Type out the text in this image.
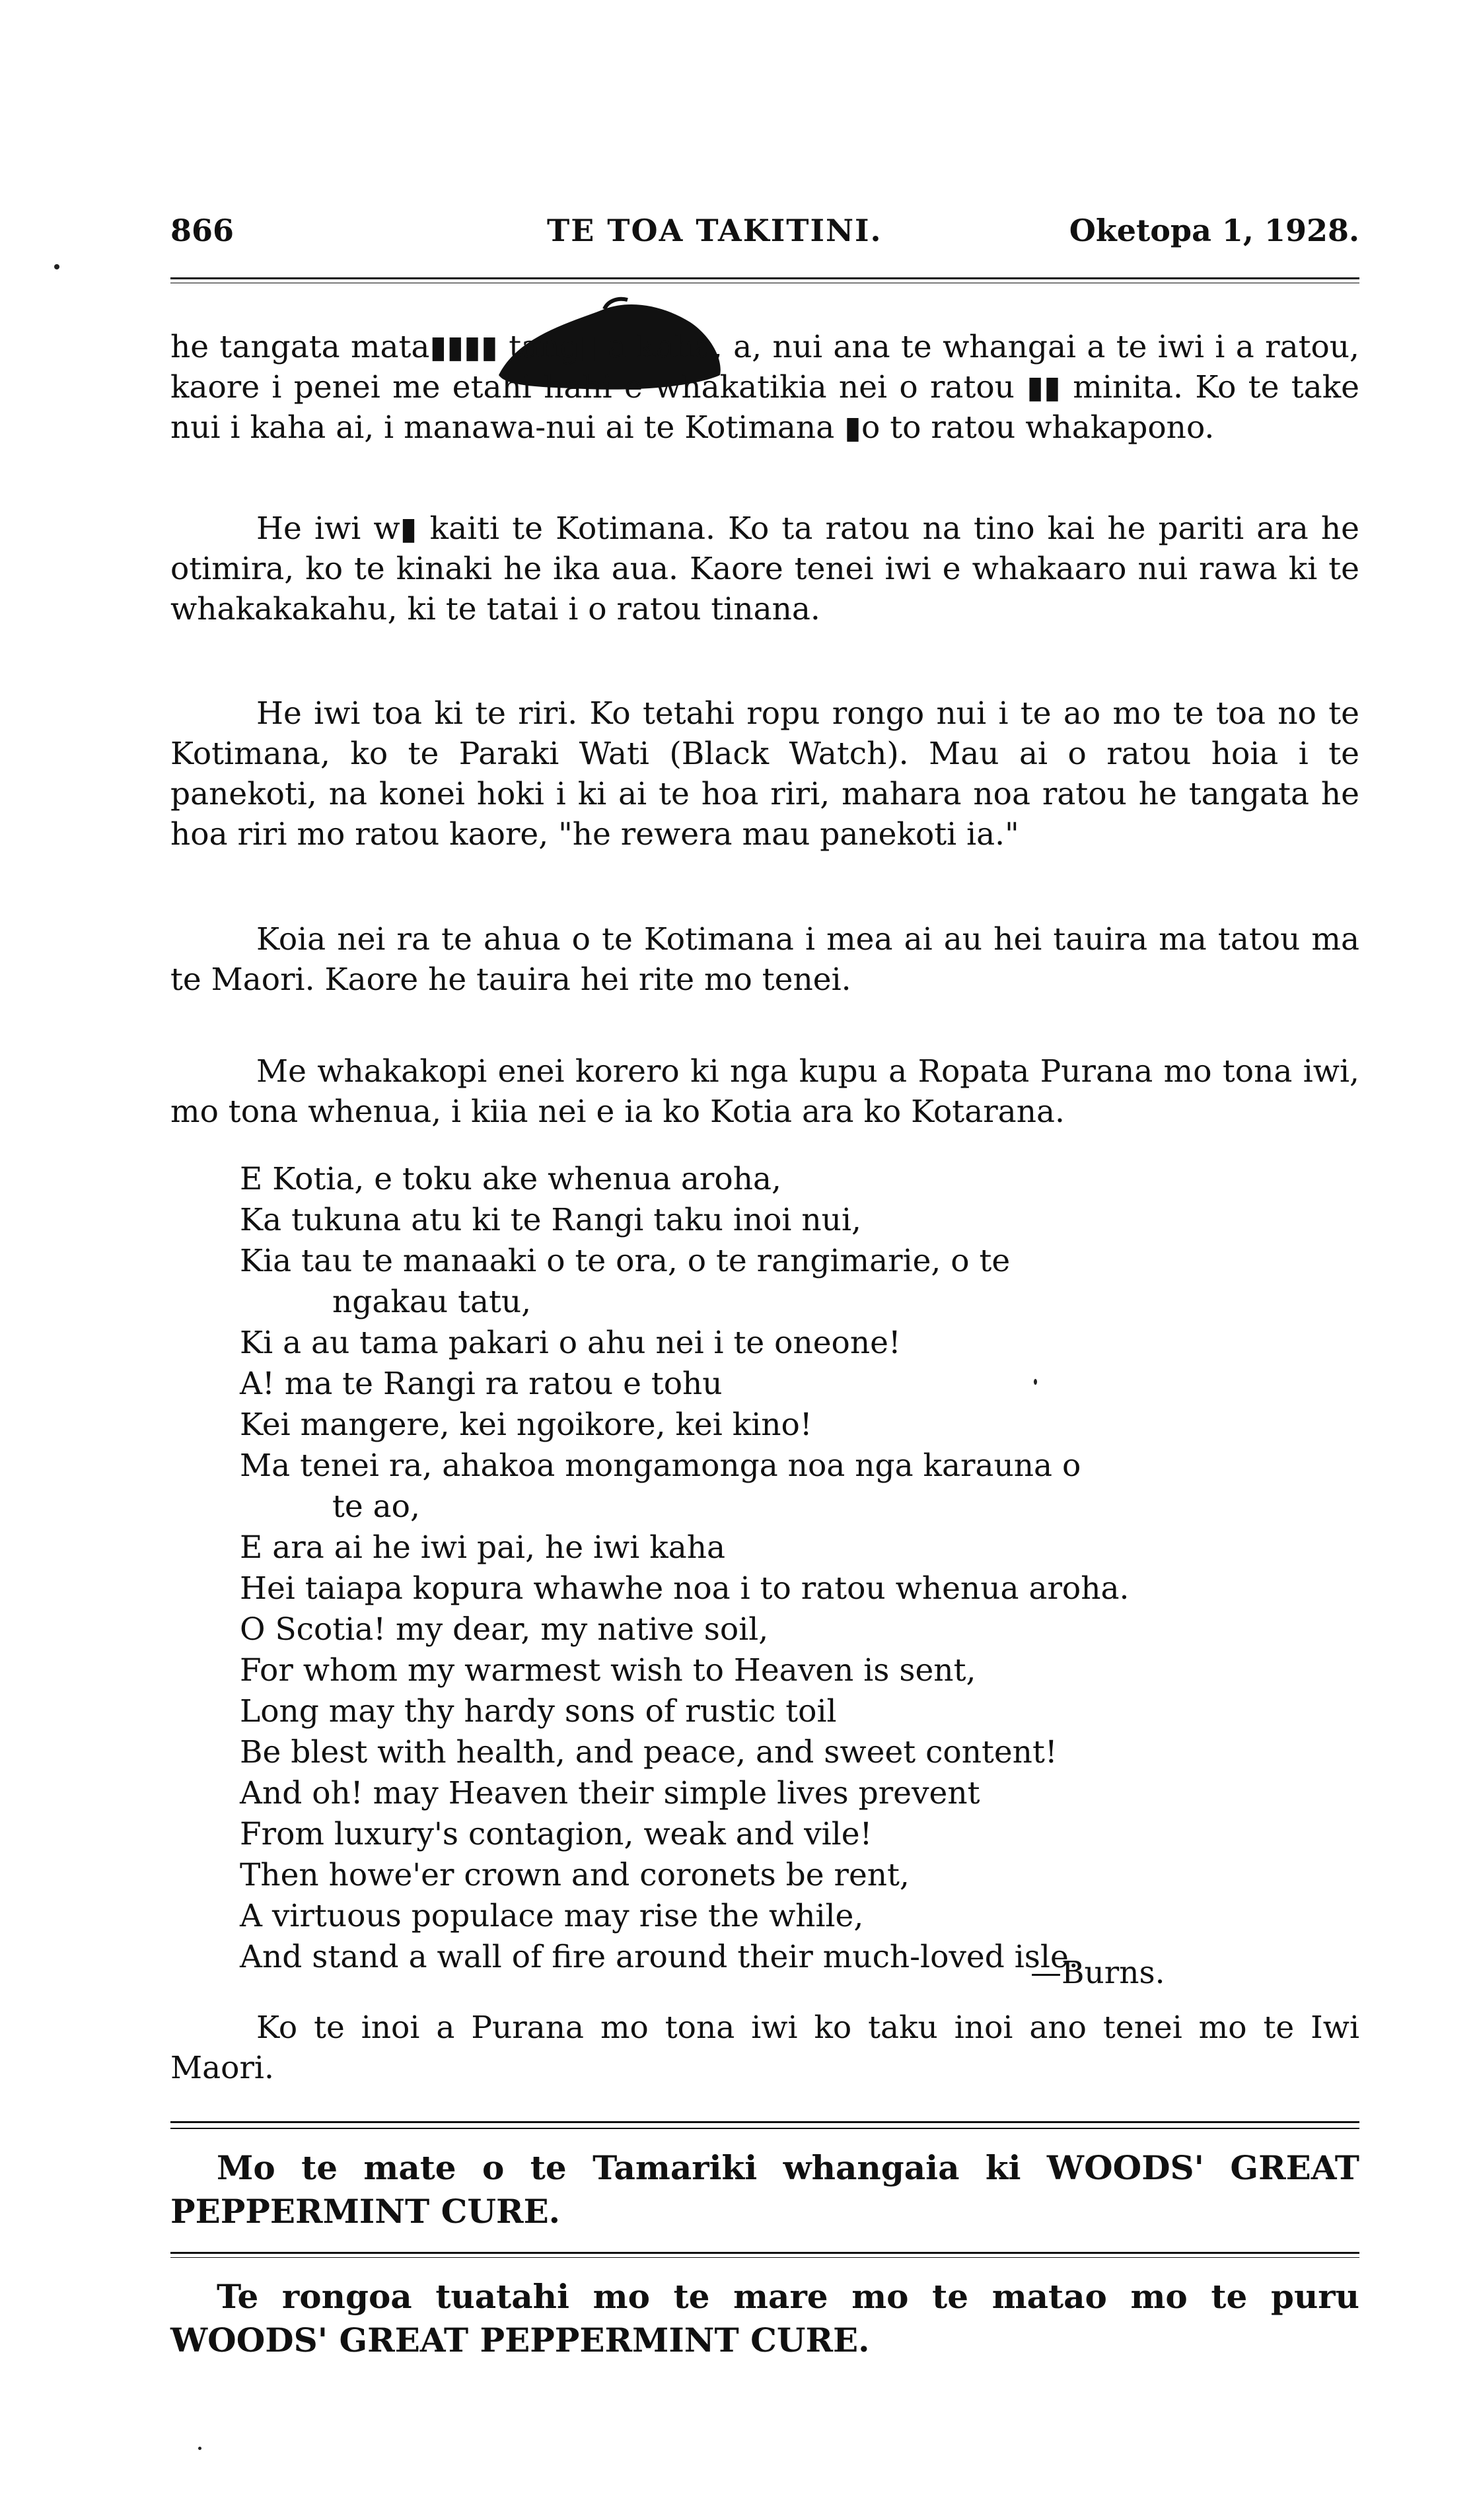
866	TE TOA TAKITINI.	Oketopa 1, 1928.

he tangata mata▮▮▮▮ tang▮ a kaha, a, nui ana te whangai a te iwi i a ratou, kaore i penei me etahi hahi e whakatikia nei o ratou ▮▮ minita. Ko te take nui i kaha ai, i manawa-nui ai te Kotimana ▮o to ratou whakapono.

He iwi w▮ kaiti te Kotimana. Ko ta ratou na tino kai he pariti ara he otimira, ko te kinaki he ika aua. Kaore tenei iwi e whakaaro nui rawa ki te whakakakahu, ki te tatai i o ratou tinana.

He iwi toa ki te riri. Ko tetahi ropu rongo nui i te ao mo te toa no te Kotimana, ko te Paraki Wati (Black Watch). Mau ai o ratou hoia i te panekoti, na konei hoki i ki ai te hoa riri, mahara noa ratou he tangata he hoa riri mo ratou kaore, "he rewera mau panekoti ia."

Koia nei ra te ahua o te Kotimana i mea ai au hei tauira ma tatou ma te Maori. Kaore he tauira hei rite mo tenei.

Me whakakopi enei korero ki nga kupu a Ropata Purana mo tona iwi, mo tona whenua, i kiia nei e ia ko Kotia ara ko Kotarana.

E Kotia, e toku ake whenua aroha,

Ka tukuna atu ki te Rangi taku inoi nui,

Kia tau te manaaki o te ora, o te rangimarie, o te

ngakau tatu,

Ki a au tama pakari o ahu nei i te oneone!

A! ma te Rangi ra ratou e tohu

Kei mangere, kei ngoikore, kei kino!

Ma tenei ra, ahakoa mongamonga noa nga karauna o

te ao,

E ara ai he iwi pai, he iwi kaha

Hei taiapa kopura whawhe noa i to ratou whenua aroha.

O Scotia! my dear, my native soil,

For whom my warmest wish to Heaven is sent,

Long may thy hardy sons of rustic toil

Be blest with health, and peace, and sweet content!

And oh! may Heaven their simple lives prevent

From luxury's contagion, weak and vile!

Then howe'er crown and coronets be rent,

A virtuous populace may rise the while,

And stand a wall of fire around their much-loved isle.

—Burns.

Ko te inoi a Purana mo tona iwi ko taku inoi ano tenei mo te Iwi Maori.

Mo te mate o te Tamariki whangaia ki WOODS' GREAT PEPPERMINT CURE.
Te rongoa tuatahi mo te mare mo te matao mo te puru WOODS' GREAT PEPPERMINT CURE.
